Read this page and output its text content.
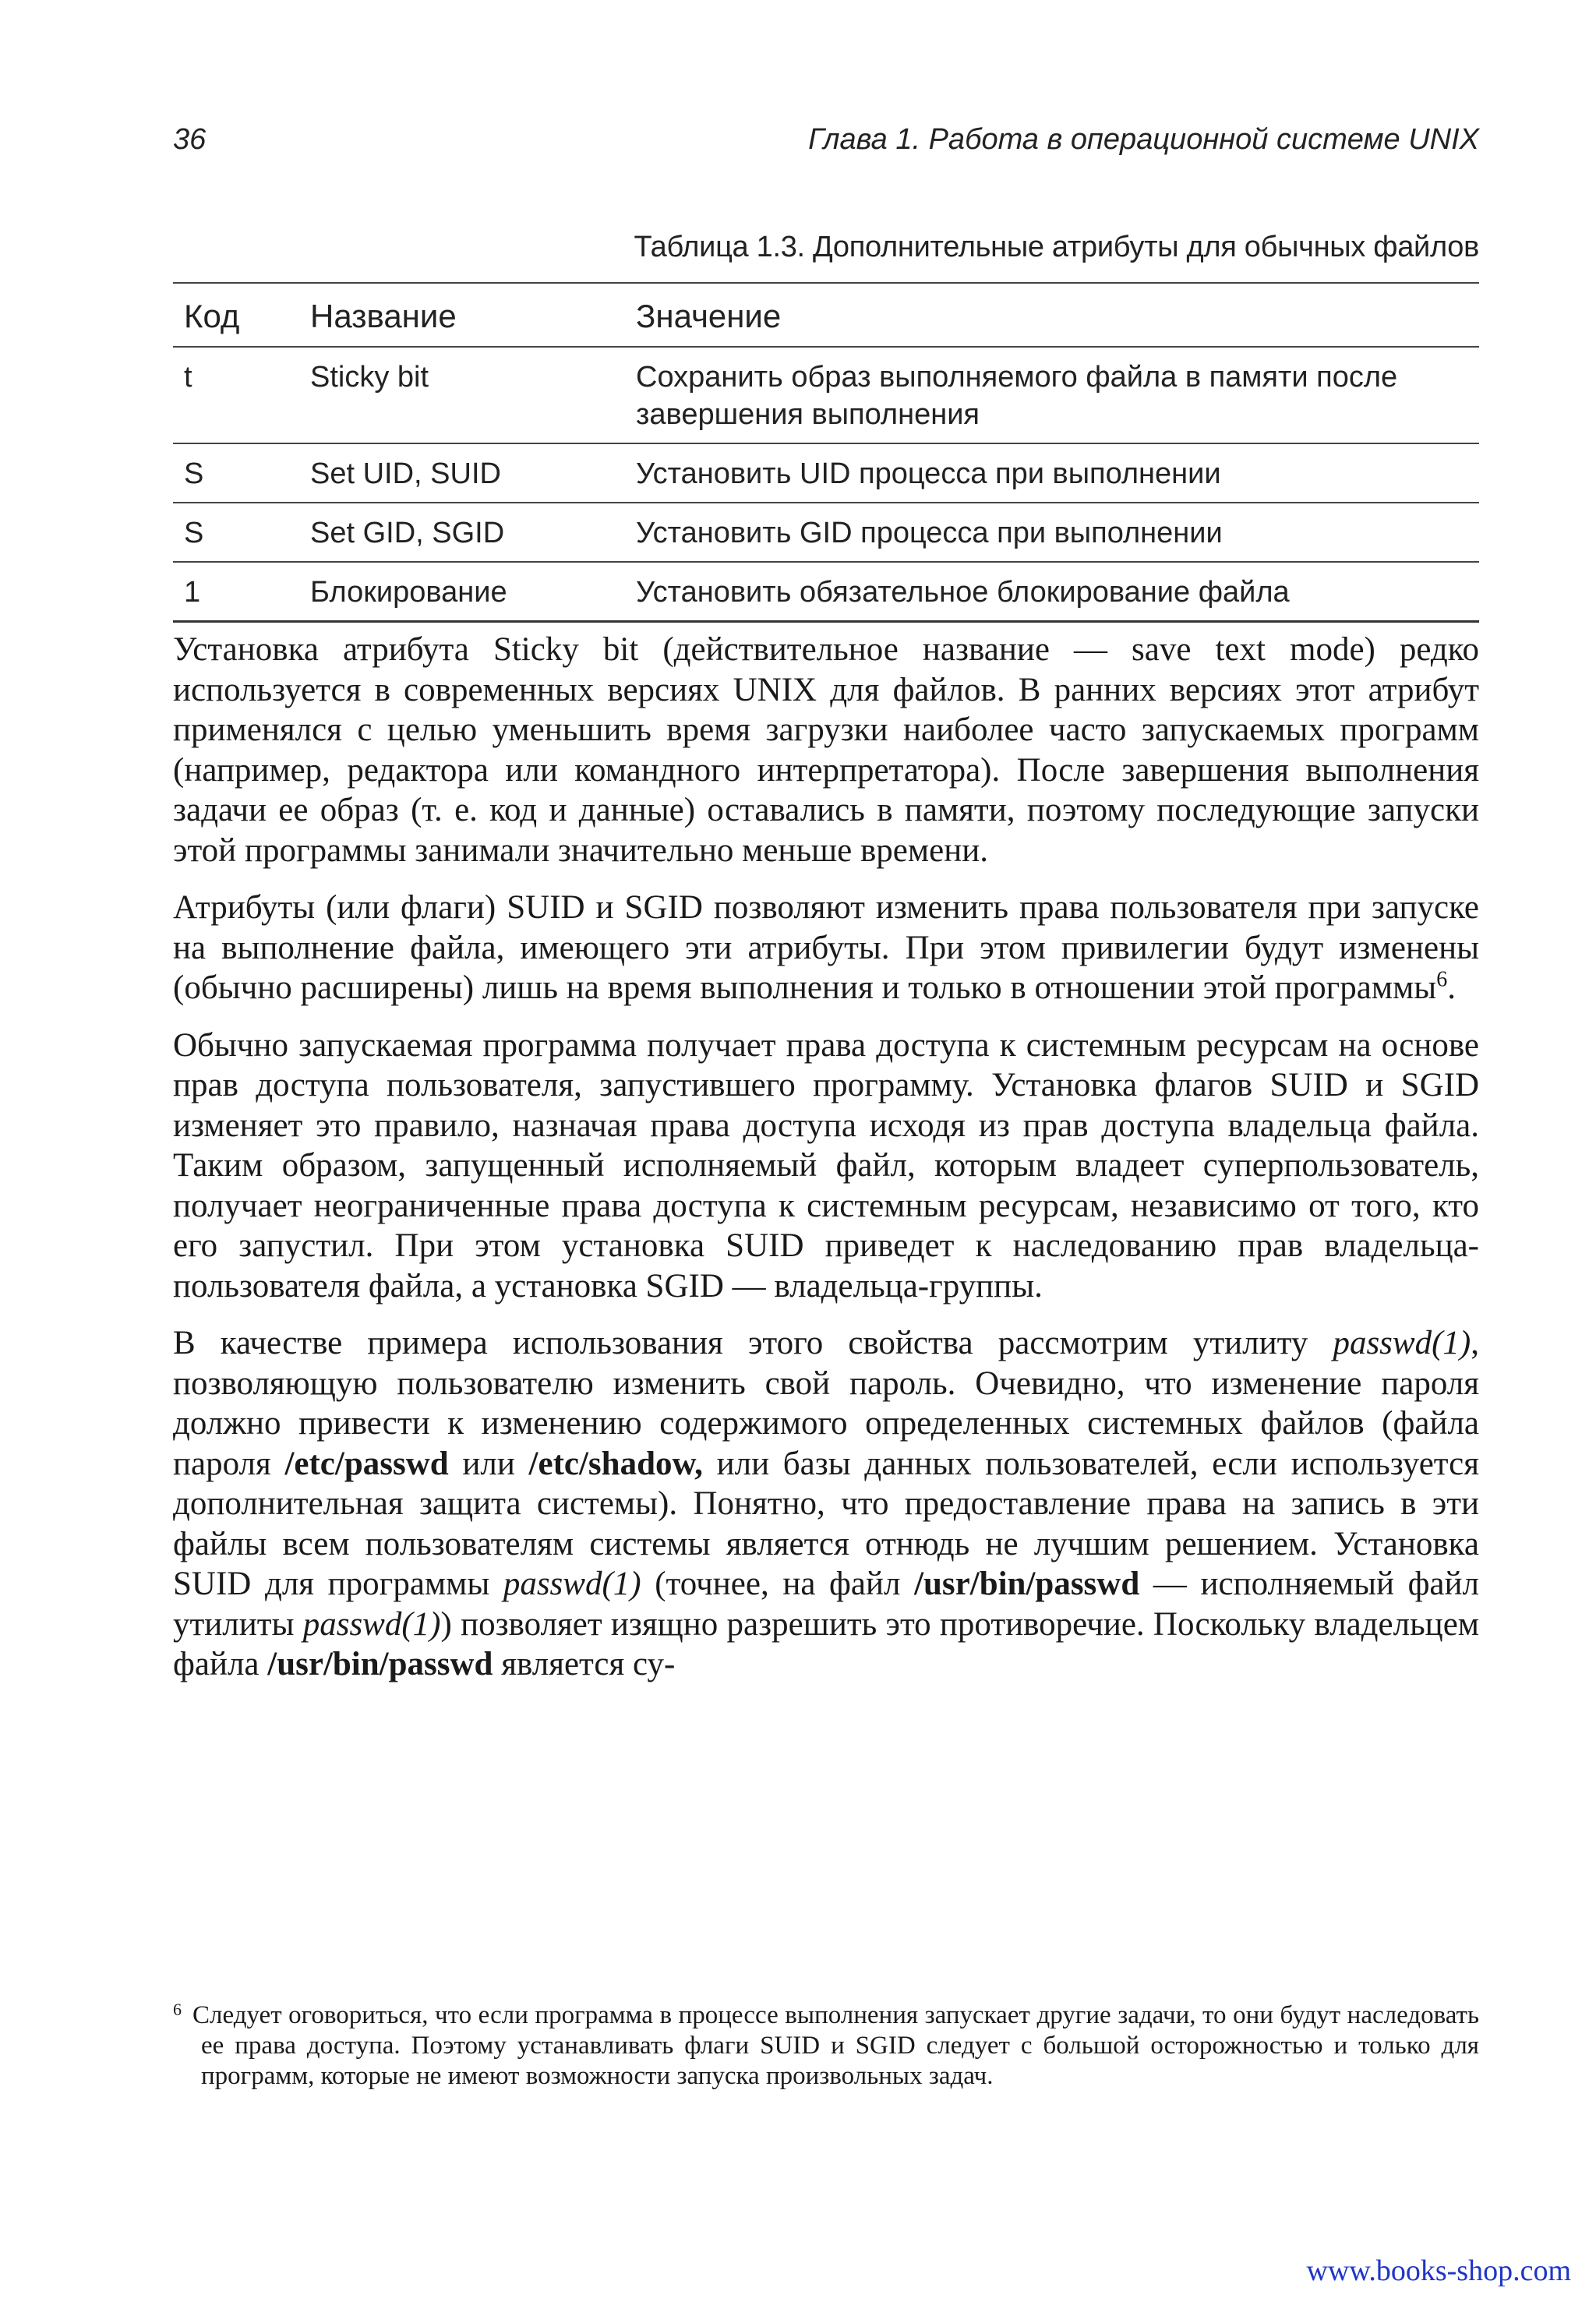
36	Глава 1. Работа в операционной системе UNIX
Таблица 1.3. Дополнительные атрибуты для обычных файлов
Код	Название	Значение
t	Sticky bit	Сохранить образ выполняемого файла в памяти после завершения выполнения
S	Set UID, SUID	Установить UID процесса при выполнении
S	Set GID, SGID	Установить GID процесса при выполнении
1	Блокирование	Установить обязательное блокирование файла

Установка атрибута Sticky bit (действительное название — save text mode) редко используется в современных версиях UNIX для файлов. В ранних версиях этот атрибут применялся с целью уменьшить время загрузки наиболее часто запускаемых программ (например, редактора или командного интерпретатора). После завершения выполнения задачи ее образ (т. е. код и данные) оставались в памяти, поэтому последующие запуски этой программы занимали значительно меньше времени.

Атрибуты (или флаги) SUID и SGID позволяют изменить права пользователя при запуске на выполнение файла, имеющего эти атрибуты. При этом привилегии будут изменены (обычно расширены) лишь на время выполнения и только в отношении этой программы$^6$.

Обычно запускаемая программа получает права доступа к системным ресурсам на основе прав доступа пользователя, запустившего программу. Установка флагов SUID и SGID изменяет это правило, назначая права доступа исходя из прав доступа владельца файла. Таким образом, запущенный исполняемый файл, которым владеет суперпользователь, получает неограниченные права доступа к системным ресурсам, независимо от того, кто его запустил. При этом установка SUID приведет к наследованию прав владельца-пользователя файла, а установка SGID — владельца-группы.

В качестве примера использования этого свойства рассмотрим утилиту passwd(1), позволяющую пользователю изменить свой пароль. Очевидно, что изменение пароля должно привести к изменению содержимого определенных системных файлов (файла пароля /etc/passwd или /etc/shadow, или базы данных пользователей, если используется дополнительная защита системы). Понятно, что предоставление права на запись в эти файлы всем пользователям системы является отнюдь не лучшим решением. Установка SUID для программы passwd(1) (точнее, на файл /usr/bin/passwd — исполняемый файл утилиты passwd(1)) позволяет изящно разрешить это противоречие. Поскольку владельцем файла /usr/bin/passwd является су-

$^6$ Следует оговориться, что если программа в процессе выполнения запускает другие задачи, то они будут наследовать ее права доступа. Поэтому устанавливать флаги SUID и SGID следует с большой осторожностью и только для программ, которые не имеют возможности запуска произвольных задач.
www.books-shop.com
